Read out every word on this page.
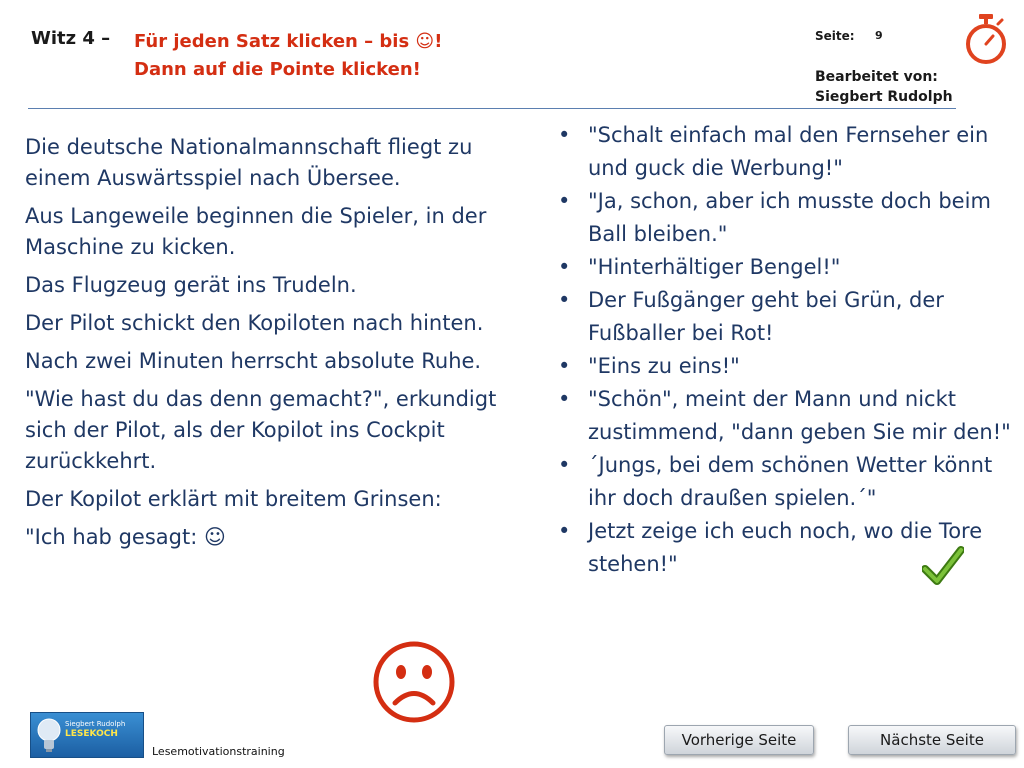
Witz 4 – Für jeden Satz klicken – bis ☺!
Dann auf die Pointe klicken!
Seite: 9
Bearbeitet von:
Siegbert Rudolph
Die deutsche Nationalmannschaft fliegt zu einem Auswärtsspiel nach Übersee.
Aus Langeweile beginnen die Spieler, in der Maschine zu kicken.
Das Flugzeug gerät ins Trudeln.
Der Pilot schickt den Kopiloten nach hinten.
Nach zwei Minuten herrscht absolute Ruhe.
"Wie hast du das denn gemacht?", erkundigt sich der Pilot, als der Kopilot ins Cockpit zurückkehrt.
Der Kopilot erklärt mit breitem Grinsen:
"Ich hab gesagt: ☺
• "Schalt einfach mal den Fernseher ein und guck die Werbung!"
• "Ja, schon, aber ich musste doch beim Ball bleiben."
• "Hinterhältiger Bengel!"
• Der Fußgänger geht bei Grün, der Fußballer bei Rot!
• "Eins zu eins!"
• "Schön", meint der Mann und nickt zustimmend, "dann geben Sie mir den!"
• ´Jungs, bei dem schönen Wetter könnt ihr doch draußen spielen.´"
• Jetzt zeige ich euch noch, wo die Tore stehen!"
Siegbert Rudolph
LESEKOCH
Lesemotivationstraining
Vorherige Seite	Nächste Seite
